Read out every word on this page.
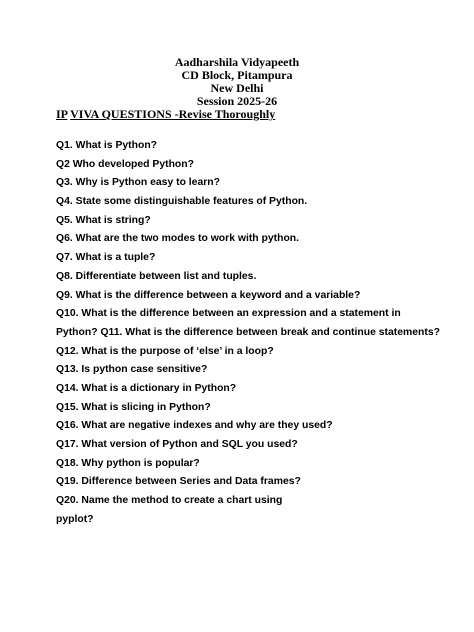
Aadharshila Vidyapeeth
CD Block, Pitampura
New Delhi
Session 2025-26
IP VIVA QUESTIONS -Revise Thoroughly
Q1. What is Python?
Q2 Who developed Python?
Q3. Why is Python easy to learn?
Q4. State some distinguishable features of Python.
Q5. What is string?
Q6. What are the two modes to work with python.
Q7. What is a tuple?
Q8. Differentiate between list and tuples.
Q9. What is the difference between a keyword and a variable?
Q10. What is the difference between an expression and a statement in
Python? Q11. What is the difference between break and continue statements?
Q12. What is the purpose of ‘else’ in a loop?
Q13. Is python case sensitive?
Q14. What is a dictionary in Python?
Q15. What is slicing in Python?
Q16. What are negative indexes and why are they used?
Q17. What version of Python and SQL you used?
Q18. Why python is popular?
Q19. Difference between Series and Data frames?
Q20. Name the method to create a chart using
pyplot?
